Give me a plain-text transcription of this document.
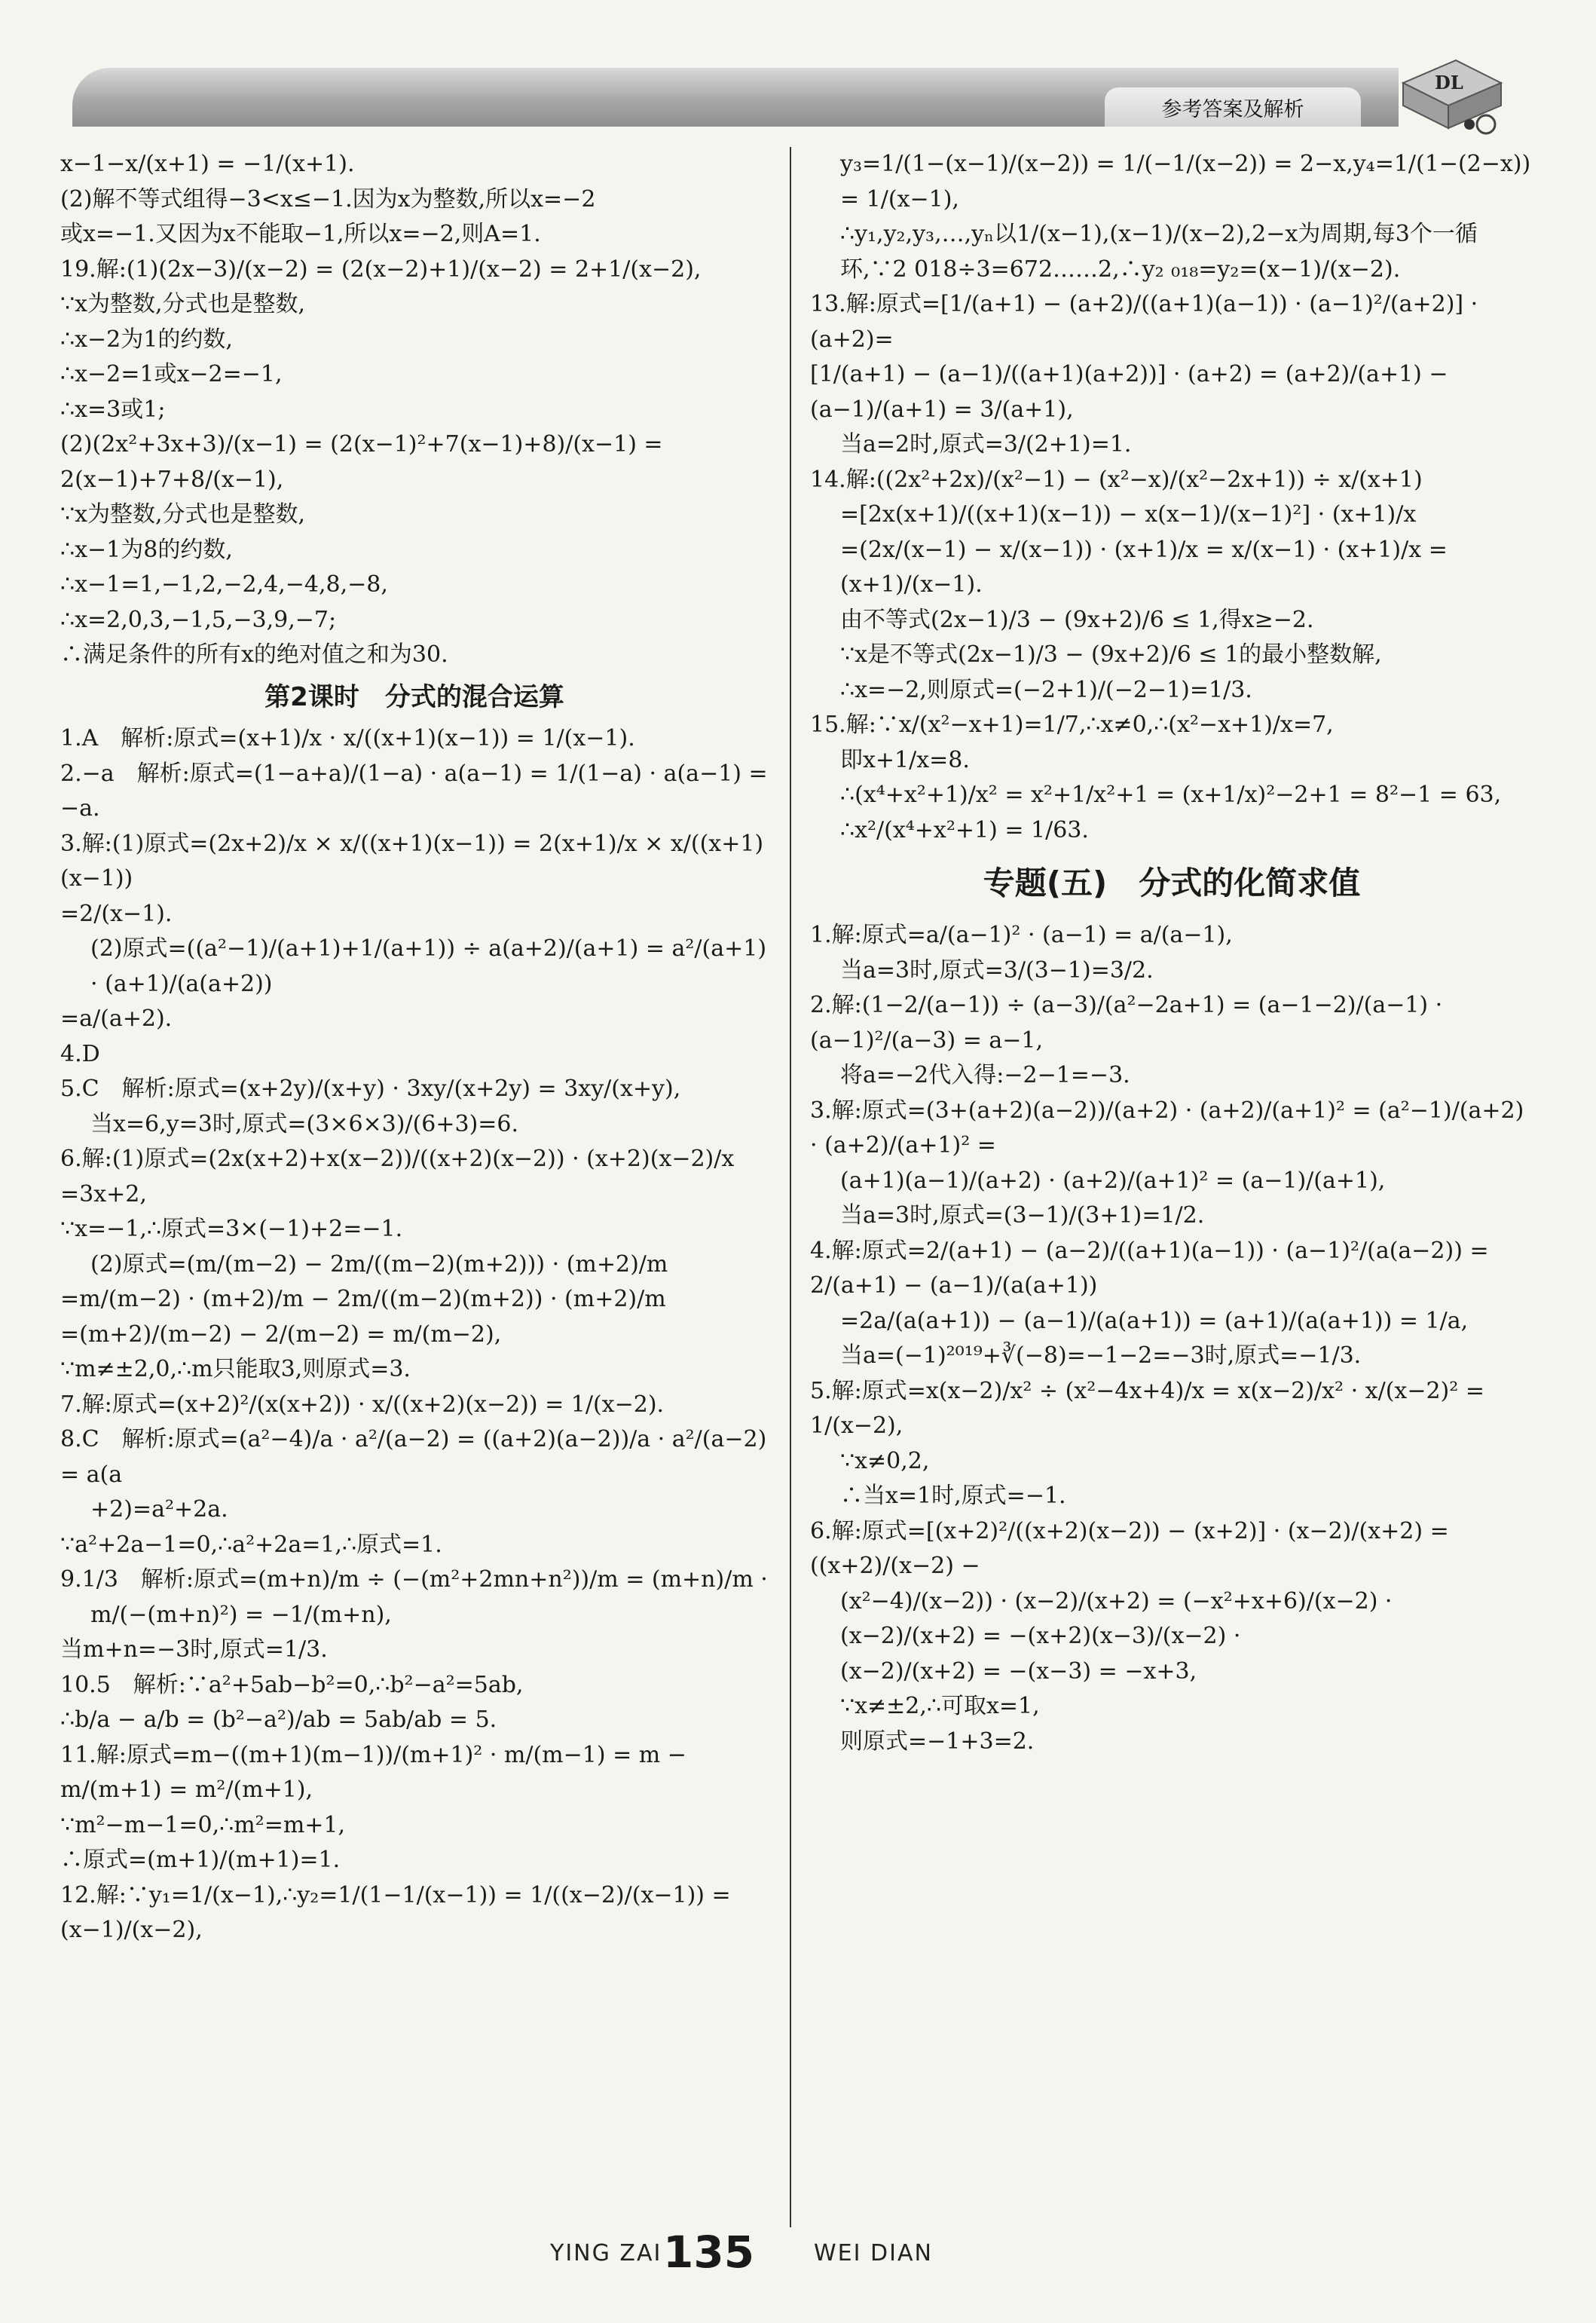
参考答案及解析
DL

x−1−x/(x+1) = −1/(x+1).

(2)解不等式组得−3<x≤−1.因为x为整数,所以x=−2

或x=−1.又因为x不能取−1,所以x=−2,则A=1.

19.解:(1)(2x−3)/(x−2) = (2(x−2)+1)/(x−2) = 2+1/(x−2),

∵x为整数,分式也是整数,

∴x−2为1的约数,

∴x−2=1或x−2=−1,

∴x=3或1;

(2)(2x²+3x+3)/(x−1) = (2(x−1)²+7(x−1)+8)/(x−1) = 2(x−1)+7+8/(x−1),

∵x为整数,分式也是整数,

∴x−1为8的约数,

∴x−1=1,−1,2,−2,4,−4,8,−8,

∴x=2,0,3,−1,5,−3,9,−7;

∴满足条件的所有x的绝对值之和为30.

第2课时　分式的混合运算

1.A　解析:原式=(x+1)/x · x/((x+1)(x−1)) = 1/(x−1).

2.−a　解析:原式=(1−a+a)/(1−a) · a(a−1) = 1/(1−a) · a(a−1) = −a.

3.解:(1)原式=(2x+2)/x × x/((x+1)(x−1)) = 2(x+1)/x × x/((x+1)(x−1))

=2/(x−1).

(2)原式=((a²−1)/(a+1)+1/(a+1)) ÷ a(a+2)/(a+1) = a²/(a+1) · (a+1)/(a(a+2))

=a/(a+2).

4.D

5.C　解析:原式=(x+2y)/(x+y) · 3xy/(x+2y) = 3xy/(x+y),

当x=6,y=3时,原式=(3×6×3)/(6+3)=6.

6.解:(1)原式=(2x(x+2)+x(x−2))/((x+2)(x−2)) · (x+2)(x−2)/x

=3x+2,

∵x=−1,∴原式=3×(−1)+2=−1.

(2)原式=(m/(m−2) − 2m/((m−2)(m+2))) · (m+2)/m

=m/(m−2) · (m+2)/m − 2m/((m−2)(m+2)) · (m+2)/m

=(m+2)/(m−2) − 2/(m−2) = m/(m−2),

∵m≠±2,0,∴m只能取3,则原式=3.

7.解:原式=(x+2)²/(x(x+2)) · x/((x+2)(x−2)) = 1/(x−2).

8.C　解析:原式=(a²−4)/a · a²/(a−2) = ((a+2)(a−2))/a · a²/(a−2) = a(a

+2)=a²+2a.

∵a²+2a−1=0,∴a²+2a=1,∴原式=1.

9.1/3　解析:原式=(m+n)/m ÷ (−(m²+2mn+n²))/m = (m+n)/m ·

m/(−(m+n)²) = −1/(m+n),

当m+n=−3时,原式=1/3.

10.5　解析:∵a²+5ab−b²=0,∴b²−a²=5ab,

∴b/a − a/b = (b²−a²)/ab = 5ab/ab = 5.

11.解:原式=m−((m+1)(m−1))/(m+1)² · m/(m−1) = m − m/(m+1) = m²/(m+1),

∵m²−m−1=0,∴m²=m+1,

∴原式=(m+1)/(m+1)=1.

12.解:∵y₁=1/(x−1),∴y₂=1/(1−1/(x−1)) = 1/((x−2)/(x−1)) = (x−1)/(x−2),

y₃=1/(1−(x−1)/(x−2)) = 1/(−1/(x−2)) = 2−x,y₄=1/(1−(2−x)) = 1/(x−1),

∴y₁,y₂,y₃,…,yₙ以1/(x−1),(x−1)/(x−2),2−x为周期,每3个一循

环,∵2 018÷3=672……2,∴y₂ ₀₁₈=y₂=(x−1)/(x−2).

13.解:原式=[1/(a+1) − (a+2)/((a+1)(a−1)) · (a−1)²/(a+2)] · (a+2)=

[1/(a+1) − (a−1)/((a+1)(a+2))] · (a+2) = (a+2)/(a+1) − (a−1)/(a+1) = 3/(a+1),

当a=2时,原式=3/(2+1)=1.

14.解:((2x²+2x)/(x²−1) − (x²−x)/(x²−2x+1)) ÷ x/(x+1)

=[2x(x+1)/((x+1)(x−1)) − x(x−1)/(x−1)²] · (x+1)/x

=(2x/(x−1) − x/(x−1)) · (x+1)/x = x/(x−1) · (x+1)/x = (x+1)/(x−1).

由不等式(2x−1)/3 − (9x+2)/6 ≤ 1,得x≥−2.

∵x是不等式(2x−1)/3 − (9x+2)/6 ≤ 1的最小整数解,

∴x=−2,则原式=(−2+1)/(−2−1)=1/3.

15.解:∵x/(x²−x+1)=1/7,∴x≠0,∴(x²−x+1)/x=7,

即x+1/x=8.

∴(x⁴+x²+1)/x² = x²+1/x²+1 = (x+1/x)²−2+1 = 8²−1 = 63,

∴x²/(x⁴+x²+1) = 1/63.

专题(五)　分式的化简求值

1.解:原式=a/(a−1)² · (a−1) = a/(a−1),

当a=3时,原式=3/(3−1)=3/2.

2.解:(1−2/(a−1)) ÷ (a−3)/(a²−2a+1) = (a−1−2)/(a−1) · (a−1)²/(a−3) = a−1,

将a=−2代入得:−2−1=−3.

3.解:原式=(3+(a+2)(a−2))/(a+2) · (a+2)/(a+1)² = (a²−1)/(a+2) · (a+2)/(a+1)² =

(a+1)(a−1)/(a+2) · (a+2)/(a+1)² = (a−1)/(a+1),

当a=3时,原式=(3−1)/(3+1)=1/2.

4.解:原式=2/(a+1) − (a−2)/((a+1)(a−1)) · (a−1)²/(a(a−2)) = 2/(a+1) − (a−1)/(a(a+1))

=2a/(a(a+1)) − (a−1)/(a(a+1)) = (a+1)/(a(a+1)) = 1/a,

当a=(−1)²⁰¹⁹+∛(−8)=−1−2=−3时,原式=−1/3.

5.解:原式=x(x−2)/x² ÷ (x²−4x+4)/x = x(x−2)/x² · x/(x−2)² = 1/(x−2),

∵x≠0,2,

∴当x=1时,原式=−1.

6.解:原式=[(x+2)²/((x+2)(x−2)) − (x+2)] · (x−2)/(x+2) = ((x+2)/(x−2) −

(x²−4)/(x−2)) · (x−2)/(x+2) = (−x²+x+6)/(x−2) · (x−2)/(x+2) = −(x+2)(x−3)/(x−2) ·

(x−2)/(x+2) = −(x−3) = −x+3,

∵x≠±2,∴可取x=1,

则原式=−1+3=2.

YING ZAI 135	WEI DIAN
